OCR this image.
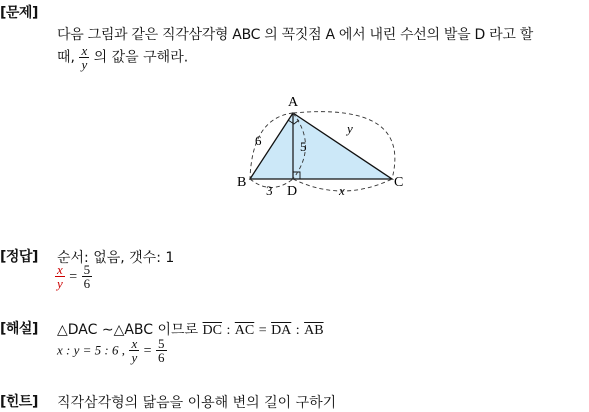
[문제]
다음 그림과 같은 직각삼각형 ABC 의 꼭짓점 A 에서 내린 수선의 발을 D 라고 할
때, $\frac{x}{y}$ 의 값을 구해라.
A
B	C
D
6	5
3	x
y
[정답] 순서: 없음, 갯수: 1
$\frac{x}{y} = \frac{5}{6}$
[해설] △DAC ∼△ABC 이므로 $\overline{DC}$ : $\overline{AC} = \overline{DA}$ : $\overline{AB}$
x : y = 5 : 6 , $\frac{x}{y} = \frac{5}{6}$
[힌트] 직각삼각형의 닮음을 이용해 변의 길이 구하기
